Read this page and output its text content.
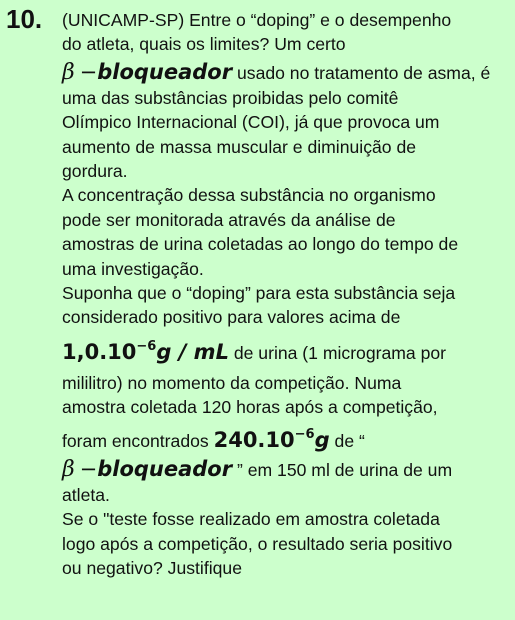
10. (UNICAMP-SP) Entre o “doping” e o desempenho
do atleta, quais os limites? Um certo
β −bloqueador usado no tratamento de asma, é
uma das substâncias proibidas pelo comitê
Olímpico Internacional (COI), já que provoca um
aumento de massa muscular e diminuição de
gordura.
A concentração dessa substância no organismo
pode ser monitorada através da análise de
amostras de urina coletadas ao longo do tempo de
uma investigação.
Suponha que o “doping” para esta substância seja
considerado positivo para valores acima de
$1,0.10^{-6}g$ / mL de urina (1 micrograma por
mililitro) no momento da competição. Numa
amostra coletada 120 horas após a competição,
foram encontrados $240.10^{-6}g$ de “
β −bloqueador ” em 150 ml de urina de um
atleta.
Se o "teste fosse realizado em amostra coletada
logo após a competição, o resultado seria positivo
ou negativo? Justifique
